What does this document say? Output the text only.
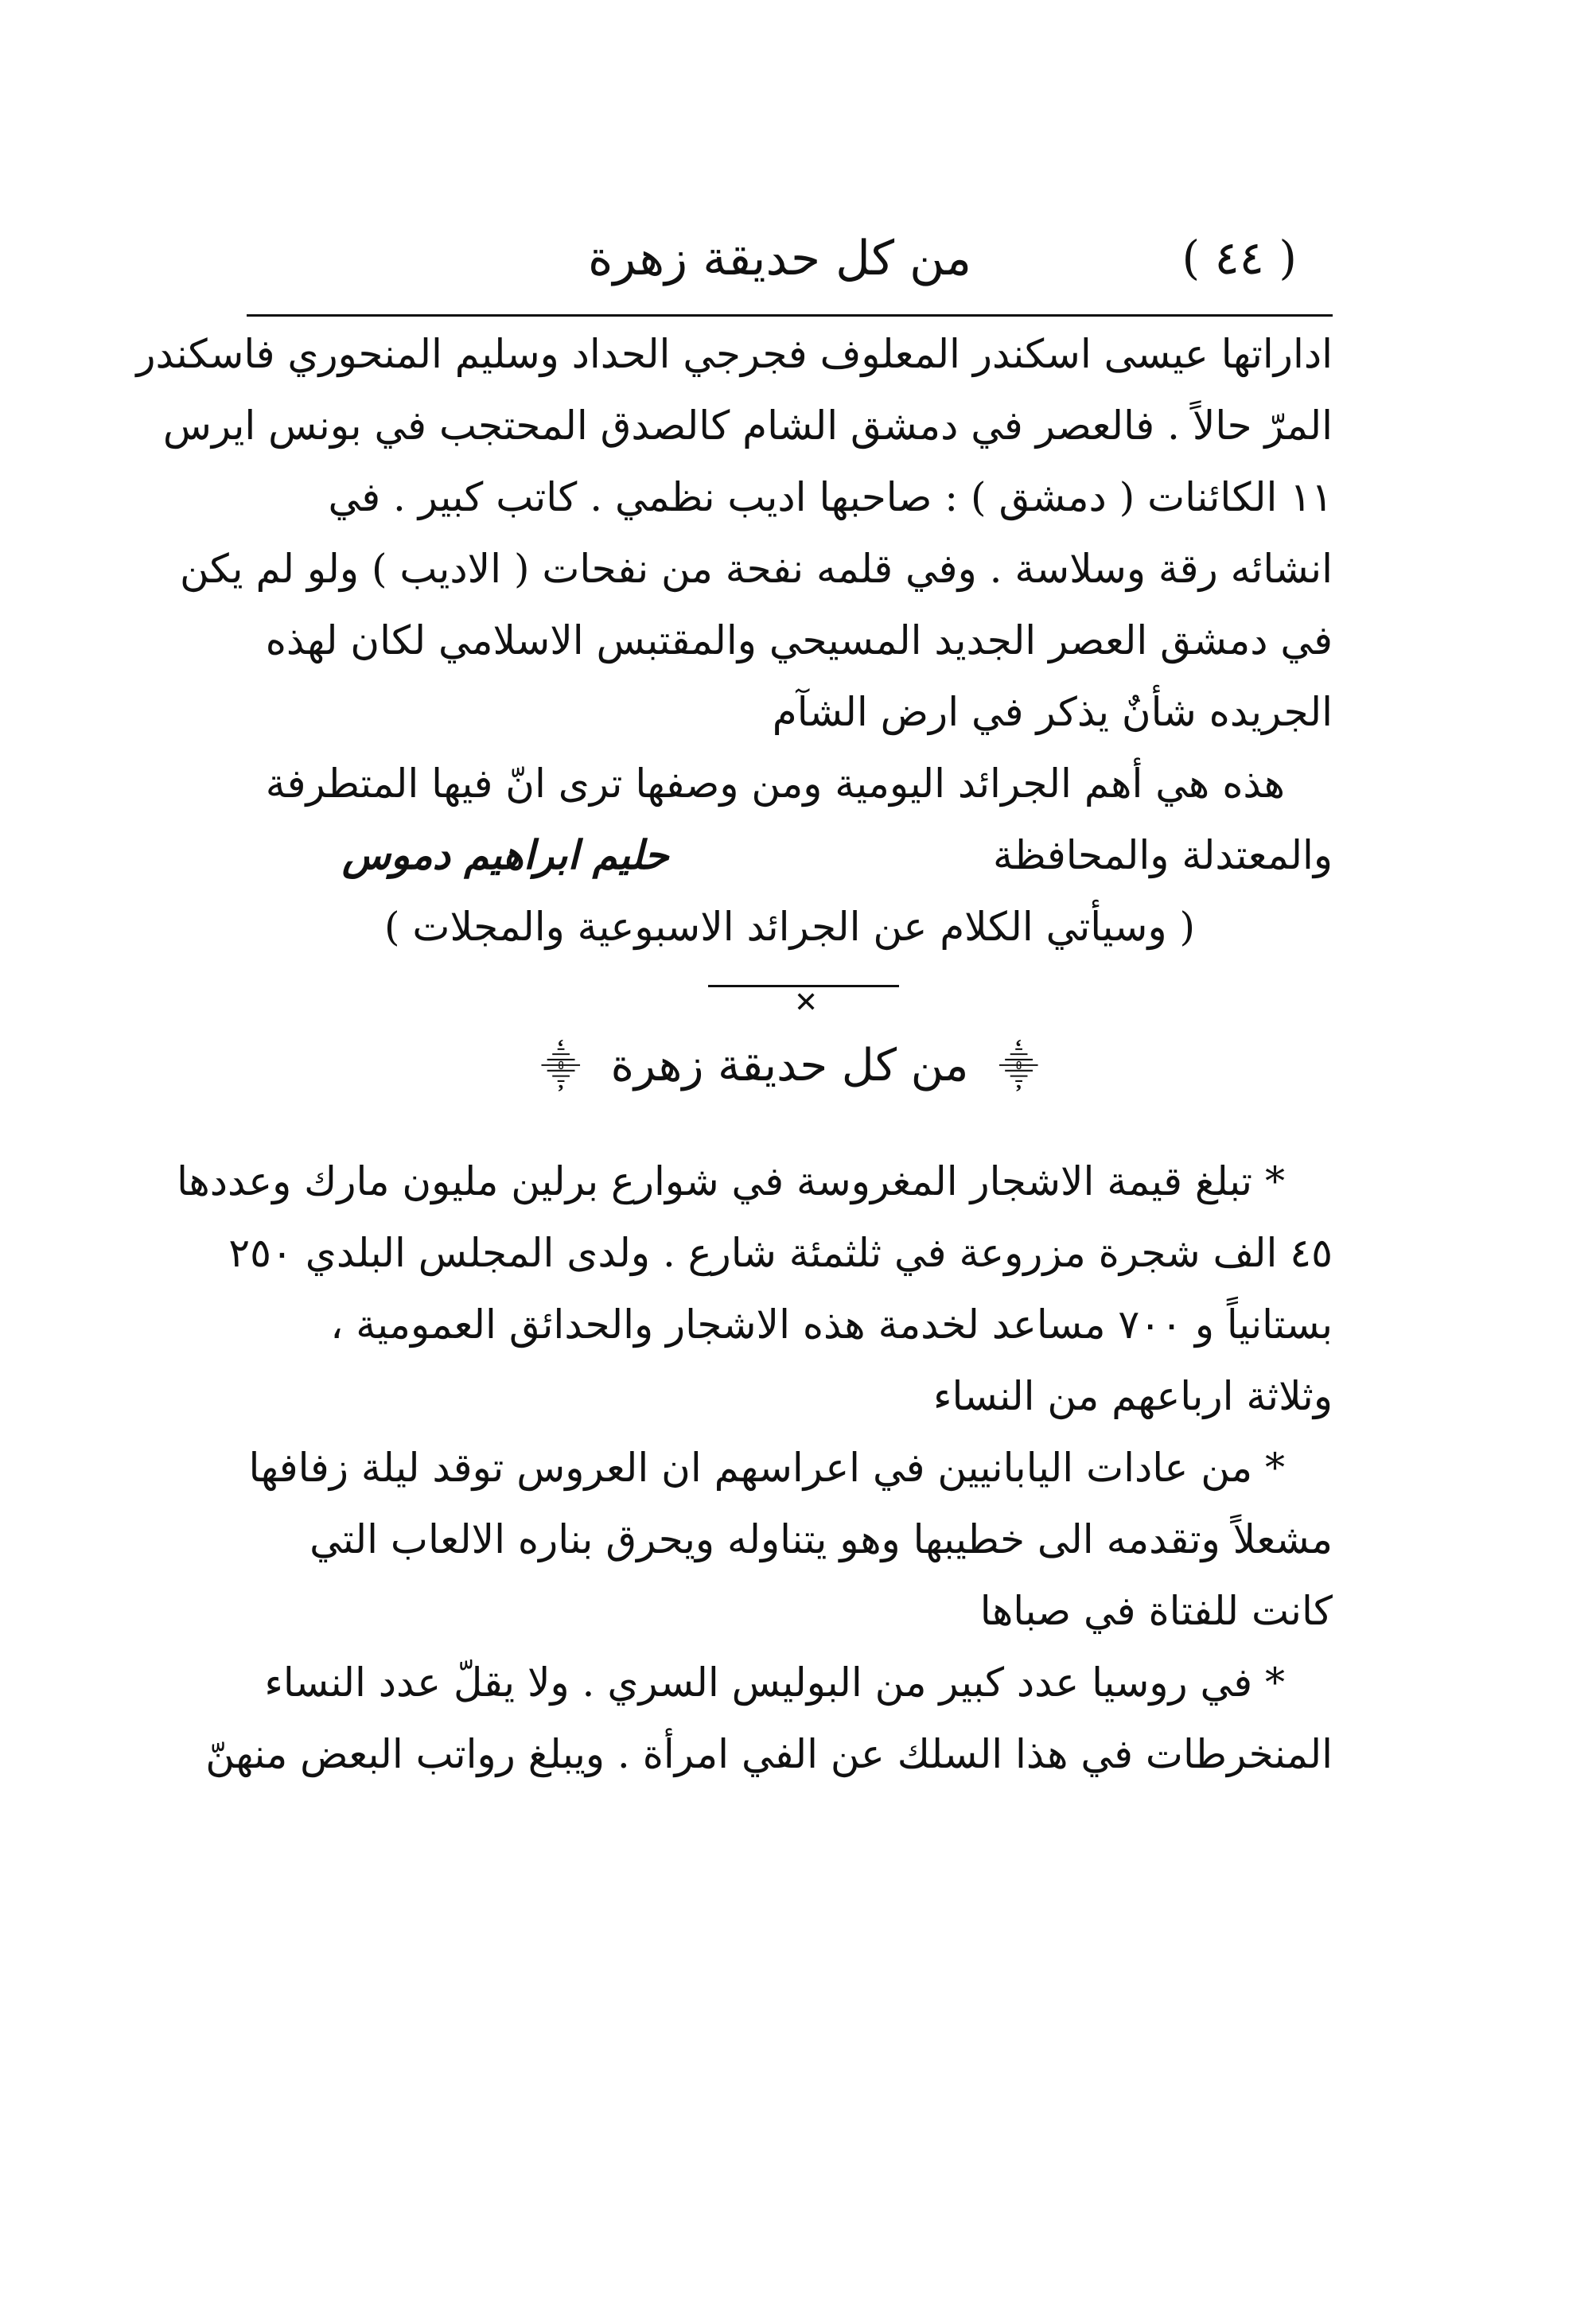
( ٤٤ )
من كل حديقة زهرة
اداراتها عيسى اسكندر المعلوف فجرجي الحداد وسليم المنحوري فاسكندر
المرّ حالاً . فالعصر في دمشق الشام كالصدق المحتجب في بونس ايرس
١١ الكائنات ( دمشق ) : صاحبها اديب نظمي . كاتب كبير . في
انشائه رقة وسلاسة . وفي قلمه نفحة من نفحات ( الاديب ) ولو لم يكن
في دمشق العصر الجديد المسيحي والمقتبس الاسلامي لكان لهذه
الجريده شأنٌ يذكر في ارض الشآم
هذه هي أهم الجرائد اليومية ومن وصفها ترى انّ فيها المتطرفة
والمعتدلة والمحافظة
حليم ابراهيم دموس
( وسيأتي الكلام عن الجرائد الاسبوعية والمجلات )
✕
⸎ من كل حديقة زهرة ⸎
* تبلغ قيمة الاشجار المغروسة في شوارع برلين مليون مارك وعددها
٤٥ الف شجرة مزروعة في ثلثمئة شارع . ولدى المجلس البلدي ٢٥٠
بستانياً و ٧٠٠ مساعد لخدمة هذه الاشجار والحدائق العمومية ،
وثلاثة ارباعهم من النساء
* من عادات اليابانيين في اعراسهم ان العروس توقد ليلة زفافها
مشعلاً وتقدمه الى خطيبها وهو يتناوله ويحرق بناره الالعاب التي
كانت للفتاة في صباها
* في روسيا عدد كبير من البوليس السري . ولا يقلّ عدد النساء
المنخرطات في هذا السلك عن الفي امرأة . ويبلغ رواتب البعض منهنّ
